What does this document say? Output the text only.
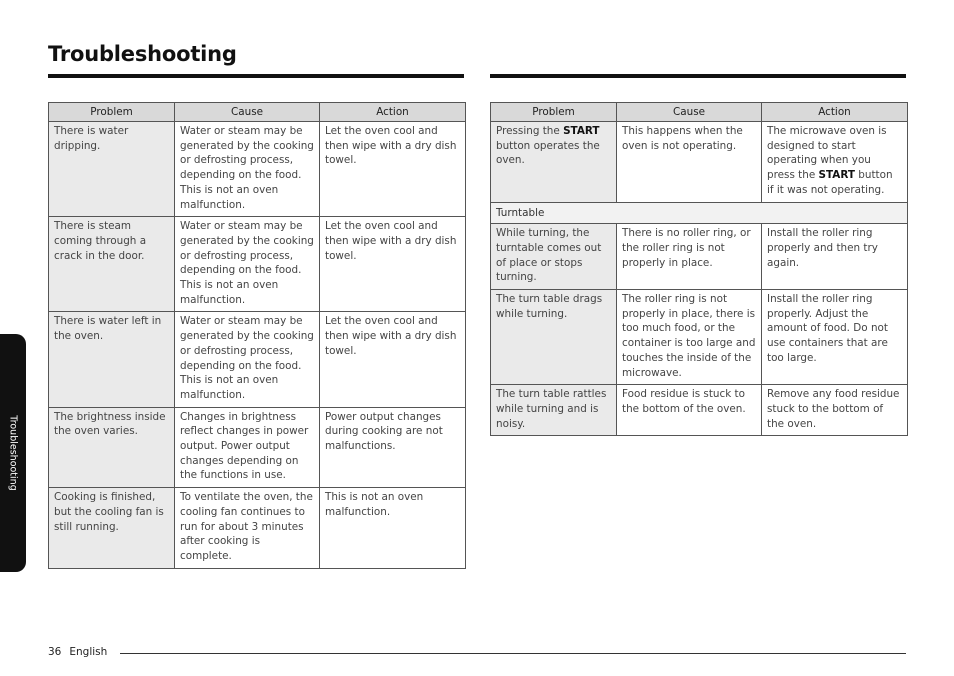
Troubleshooting
Problem	Cause	Action
There is water dripping.	Water or steam may be generated by the cooking or defrosting process, depending on the food. This is not an oven malfunction.	Let the oven cool and then wipe with a dry dish towel.
There is steam coming through a crack in the door.	Water or steam may be generated by the cooking or defrosting process, depending on the food. This is not an oven malfunction.	Let the oven cool and then wipe with a dry dish towel.
There is water left in the oven.	Water or steam may be generated by the cooking or defrosting process, depending on the food. This is not an oven malfunction.	Let the oven cool and then wipe with a dry dish towel.
The brightness inside the oven varies.	Changes in brightness reflect changes in power output. Power output changes depending on the functions in use.	Power output changes during cooking are not malfunctions.
Cooking is finished, but the cooling fan is still running.	To ventilate the oven, the cooling fan continues to run for about 3 minutes after cooking is complete.	This is not an oven malfunction.
Problem	Cause	Action
Pressing the START button operates the oven.	This happens when the oven is not operating.	The microwave oven is designed to start operating when you press the START button if it was not operating.
Turntable		
While turning, the turntable comes out of place or stops turning.	There is no roller ring, or the roller ring is not properly in place.	Install the roller ring properly and then try again.
The turn table drags while turning.	The roller ring is not properly in place, there is too much food, or the container is too large and touches the inside of the microwave.	Install the roller ring properly. Adjust the amount of food. Do not use containers that are too large.
The turn table rattles while turning and is noisy.	Food residue is stuck to the bottom of the oven.	Remove any food residue stuck to the bottom of the oven.
Troubleshooting
36 English
